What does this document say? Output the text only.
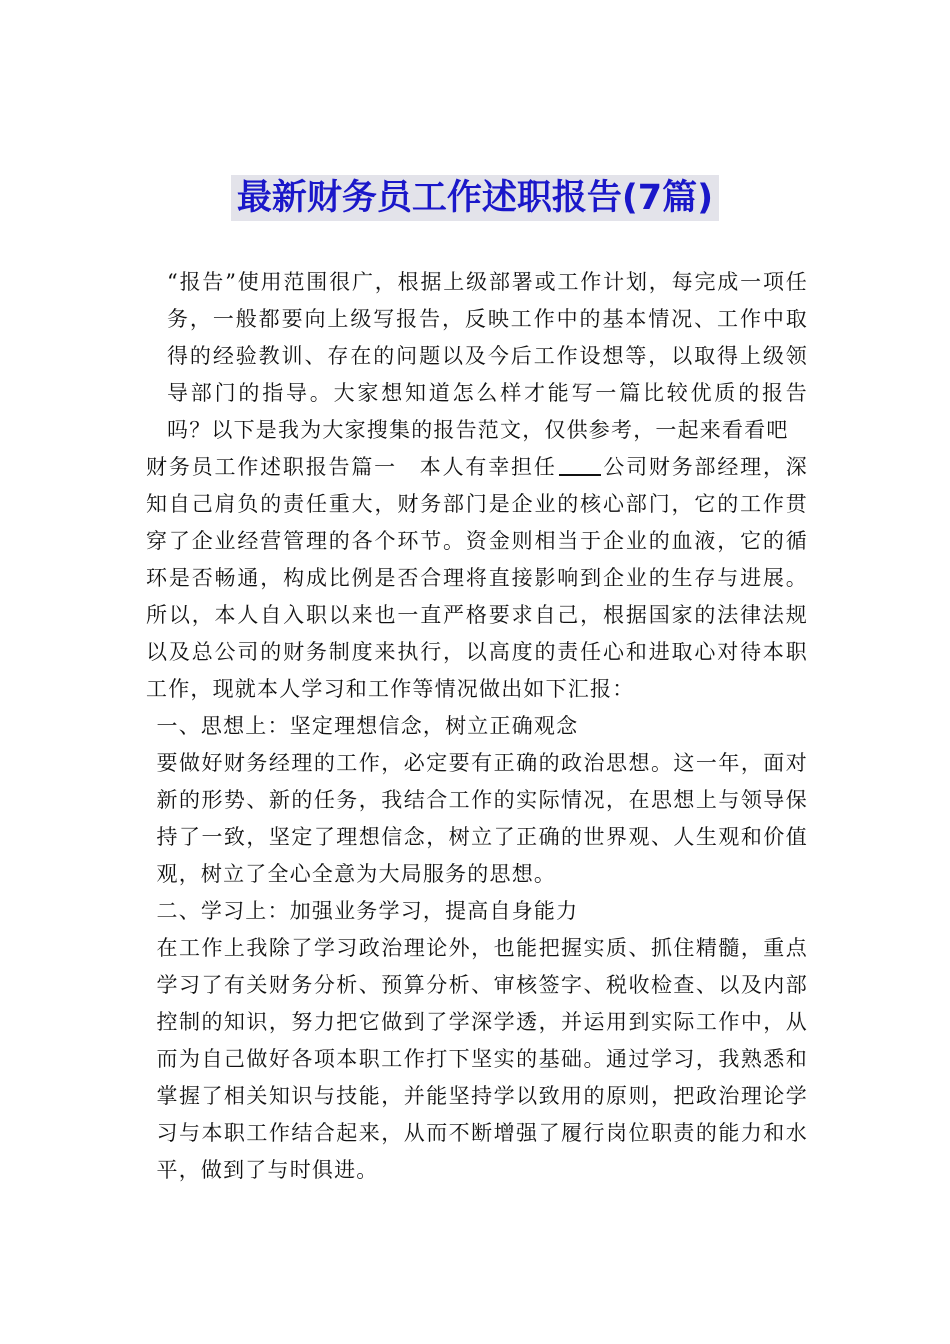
最新财务员工作述职报告(7篇)

“报告”使用范围很广，根据上级部署或工作计划，每完成一项任务，一般都要向上级写报告，反映工作中的基本情况、工作中取得的经验教训、存在的问题以及今后工作设想等，以取得上级领导部门的指导。大家想知道怎么样才能写一篇比较优质的报告吗？以下是我为大家搜集的报告范文，仅供参考，一起来看看吧

财务员工作述职报告篇一　本人有幸担任 公司财务部经理，深知自己肩负的责任重大，财务部门是企业的核心部门，它的工作贯穿了企业经营管理的各个环节。资金则相当于企业的血液，它的循环是否畅通，构成比例是否合理将直接影响到企业的生存与进展。所以，本人自入职以来也一直严格要求自己，根据国家的法律法规以及总公司的财务制度来执行，以高度的责任心和进取心对待本职工作，现就本人学习和工作等情况做出如下汇报：

一、思想上：坚定理想信念，树立正确观念

要做好财务经理的工作，必定要有正确的政治思想。这一年，面对新的形势、新的任务，我结合工作的实际情况，在思想上与领导保持了一致，坚定了理想信念，树立了正确的世界观、人生观和价值观，树立了全心全意为大局服务的思想。

二、学习上：加强业务学习，提高自身能力

在工作上我除了学习政治理论外，也能把握实质、抓住精髓，重点学习了有关财务分析、预算分析、审核签字、税收检查、以及内部控制的知识，努力把它做到了学深学透，并运用到实际工作中，从而为自己做好各项本职工作打下坚实的基础。通过学习，我熟悉和掌握了相关知识与技能，并能坚持学以致用的原则，把政治理论学习与本职工作结合起来，从而不断增强了履行岗位职责的能力和水平，做到了与时俱进。
